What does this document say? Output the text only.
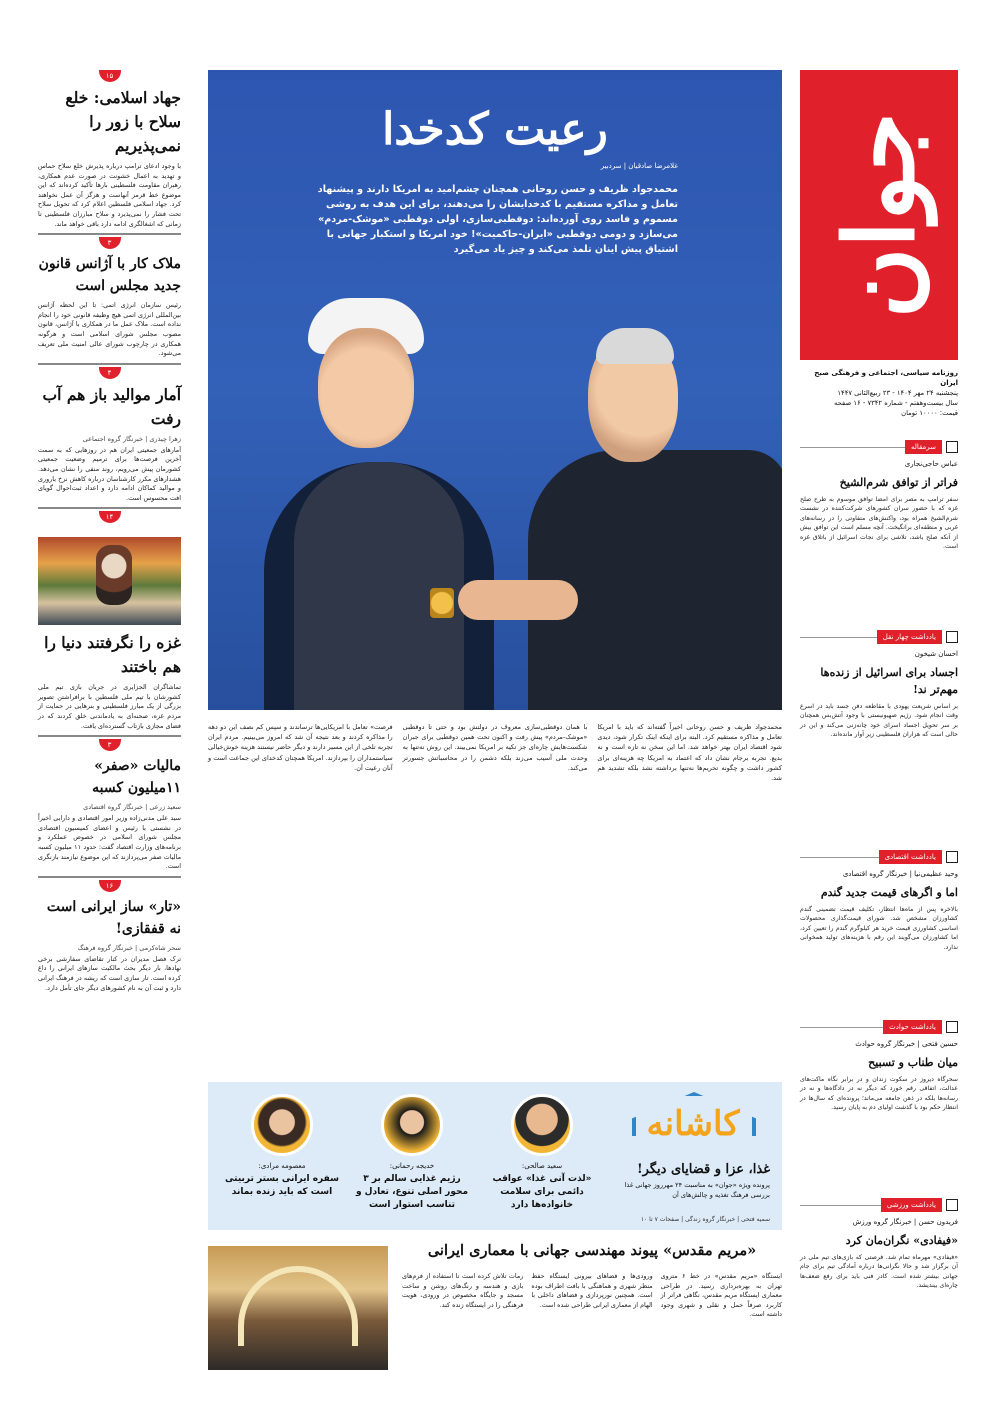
جوان
روزنامه سیاسی، اجتماعی و فرهنگی صبح ایران
پنجشنبه ۲۴ مهر ۱۴۰۴ - ۲۳ ربیع‌الثانی ۱۴۴۷
سال بیست‌وهفتم - شماره ۷۳۴۲ - ۱۶ صفحه
قیمت: ۱۰۰۰۰ تومان
سرمقاله
عباس حاجی‌نجاری
فراتر از توافق شرم‌الشیخ
سفر ترامپ به مصر برای امضا توافق موسوم به طرح صلح غزه که با حضور سران کشورهای شرکت‌کننده در نشست شرم‌الشیخ همراه بود، واکنش‌های متفاوتی را در رسانه‌های غربی و منطقه‌ای برانگیخت. آنچه مسلم است این توافق بیش از آنکه صلح باشد، تلاشی برای نجات اسرائیل از باتلاق غزه است.
یادداشت چهار نقل
احسان شیخون
اجساد برای اسرائیل از زنده‌ها مهم‌تر ند!
بر اساس شریعت یهودی با مقاطعه دفن جسد باید در اسرع وقت انجام شود. رژیم صهیونیستی با وجود آتش‌بس همچنان بر سر تحویل اجساد اسرای خود چانه‌زنی می‌کند و این در حالی است که هزاران فلسطینی زیر آوار مانده‌اند.
یادداشت اقتصادی
وحید عظیمی‌نیا | خبرنگار گروه اقتصادی
اما و اگرهای قیمت جدید گندم
بالاخره پس از ماه‌ها انتظار، تکلیف قیمت تضمینی گندم کشاورزان مشخص شد. شورای قیمت‌گذاری محصولات اساسی کشاورزی قیمت خرید هر کیلوگرم گندم را تعیین کرد، اما کشاورزان می‌گویند این رقم با هزینه‌های تولید همخوانی ندارد.
یادداشت حوادث
حسین فتحی | خبرنگار گروه حوادث
میان طناب و تسبیح
سحرگاه دیروز در سکوت زندان و در برابر نگاه ماکت‌های عدالت، اتفاقی رقم خورد که دیگر نه در دادگاه‌ها و نه در رسانه‌ها بلکه در ذهن جامعه می‌ماند؛ پرونده‌ای که سال‌ها در انتظار حکم بود با گذشت اولیای دم به پایان رسید.
یادداشت ورزشی
فریدون حسن | خبرنگار گروه ورزش
«فیفا‌دی» نگران‌مان کرد
«فیفادی» مهرماه تمام شد. فرصتی که بازی‌های تیم ملی در آن برگزار شد و حالا نگرانی‌ها درباره آمادگی تیم برای جام جهانی بیشتر شده است. کادر فنی باید برای رفع ضعف‌ها چاره‌ای بیندیشد.
رعیت کدخدا
غلامرضا صادقیان | سردبیر
محمدجواد ظریف و حسن روحانی همچنان چشم‌امید به امریکا دارند و پیشنهاد تعامل و مذاکره مستقیم با کدخدایشان را می‌دهند، برای این هدف به روشی مسموم و فاسد روی آورده‌اند: دوقطبی‌سازی، اولی دوقطبی «موشک-مردم» می‌سازد و دومی دوقطبی «ایران-حاکمیت»! خود امریکا و استکبار جهانی با اشتیاق پیش اینان تلمذ می‌کند و چیز یاد می‌گیرد
محمدجواد ظریف و حسن روحانی اخیراً گفته‌اند که باید با امریکا تعامل و مذاکره مستقیم کرد. البته برای اینکه اینک تکرار شود، دیدی شود اقتصاد ایران بهتر خواهد شد. اما این سخن نه تازه است و نه بدیع. تجربه برجام نشان داد که اعتماد به امریکا چه هزینه‌ای برای کشور داشت و چگونه تحریم‌ها نه‌تنها برداشته نشد بلکه تشدید هم شد.
با همان دوقطبی‌سازی معروف در دولتش بود و حتی تا دوقطبی «موشک-مردم» پیش رفت و اکنون تحت همین دوقطبی برای جبران شکست‌هایش چاره‌ای جز تکیه بر امریکا نمی‌بیند. این روش نه‌تنها به وحدت ملی آسیب می‌زند بلکه دشمن را در محاسباتش جسورتر می‌کند.
فرصت» تعامل با امریکایی‌ها ترساندند و سپس کم نصف این دو دهه را مذاکره کردند و بعد نتیجه آن شد که امروز می‌بینیم. مردم ایران تجربه تلخی از این مسیر دارند و دیگر حاضر نیستند هزینه خوش‌خیالی سیاستمداران را بپردازند. امریکا همچنان کدخدای این جماعت است و آنان رعیت آن.
کاشانه
غذا، عزا و قضایای دیگر!
پرونده ویژه «جوان» به مناسبت ۲۴ مهرروز جهانی غذا بررسی فرهنگ تغذیه و چالش‌های آن
سمیه فتحی | خبرنگار گروه زندگی | صفحات ۷ تا ۱۰
سعید صالحی:
«لذت آنی غذا» عواقب دائمی برای سلامت خانواده‌ها دارد
خدیجه رحمانی:
رژیم غذایی سالم بر ۳ محور اصلی تنوع، تعادل و تناسب استوار است
معصومه مرادی:
سفره ایرانی بستر تربیتی است که باید زنده بماند
«مریم مقدس» پیوند مهندسی جهانی با معماری ایرانی
ایستگاه «مریم مقدس» در خط ۶ متروی تهران به بهره‌برداری رسید. در طراحی معماری ایستگاه مریم مقدس، نگاهی فراتر از کاربرد صرفاً حمل و نقلی و شهری وجود داشته است.
ورودی‌ها و فضاهای بیرونی ایستگاه حفظ منظر شهری و هماهنگی با بافت اطراف بوده است. همچنین نورپردازی و فضاهای داخلی با الهام از معماری ایرانی طراحی شده است.
رمات تلاش کرده است تا استفاده از فرم‌های بازی و هندسه و رنگ‌های روشن و ساخت مسجد و جایگاه مخصوص در ورودی، هویت فرهنگی را در ایستگاه زنده کند.
۱۵
جهاد اسلامی: خلع سلاح با زور را نمی‌پذیریم
با وجود ادعای ترامپ درباره پذیرش خلع سلاح حماس و تهدید به اعمال خشونت در صورت عدم همکاری، رهبران مقاومت فلسطینی بارها تأکید کرده‌اند که این موضوع خط قرمز آنهاست و هرگز آن عمل نخواهند کرد. جهاد اسلامی فلسطین اعلام کرد که تحویل سلاح تحت فشار را نمی‌پذیرد و سلاح مبارزان فلسطینی تا زمانی که اشغالگری ادامه دارد باقی خواهد ماند.
۳
ملاک کار با آژانس قانون جدید مجلس است
رئیس سازمان انرژی اتمی: تا این لحظه آژانس بین‌المللی انرژی اتمی هیچ وظیفه قانونی خود را انجام نداده است. ملاک عمل ما در همکاری با آژانس، قانون مصوب مجلس شورای اسلامی است و هرگونه همکاری در چارچوب شورای عالی امنیت ملی تعریف می‌شود.
۴
آمار موالید باز هم آب رفت
زهرا چیذری | خبرنگار گروه اجتماعی
آمارهای جمعیتی ایران هم در روزهایی که به سمت آخرین فرصت‌ها برای ترمیم وضعیت جمعیتی کشورمان پیش می‌رویم، روند منفی را نشان می‌دهد. هشدارهای مکرر کارشناسان درباره کاهش نرخ باروری و موالید کماکان ادامه دارد و اعداد ثبت‌احوال گویای افت محسوس است.
۱۴
غزه را نگرفتند دنیا را هم باختند
تماشاگران الجزایری در جریان بازی تیم ملی کشورشان با تیم ملی فلسطین با برافراشتن تصویر بزرگی از یک مبارز فلسطینی و بنرهایی در حمایت از مردم غزه، صحنه‌ای به یادماندنی خلق کردند که در فضای مجازی بازتاب گسترده‌ای یافت.
۳
مالیات «صفر» ۱۱میلیون کسبه
سعید زرعی | خبرنگار گروه اقتصادی
سید علی مدنی‌زاده وزیر امور اقتصادی و دارایی اخیراً در نشستی با رئیس و اعضای کمیسیون اقتصادی مجلس شورای اسلامی در خصوص عملکرد و برنامه‌های وزارت اقتصاد گفت: حدود ۱۱ میلیون کسبه مالیات صفر می‌پردازند که این موضوع نیازمند بازنگری است.
۱۶
«تار» ساز ایرانی است نه قفقازی!
سحر شاه‌کرمی | خبرنگار گروه فرهنگ
ترک فصل مدیران در کنار تقاضای سفارشی برخی نهادها، بار دیگر بحث مالکیت سازهای ایرانی را داغ کرده است. تار سازی است که ریشه در فرهنگ ایرانی دارد و ثبت آن به نام کشورهای دیگر جای تأمل دارد.
